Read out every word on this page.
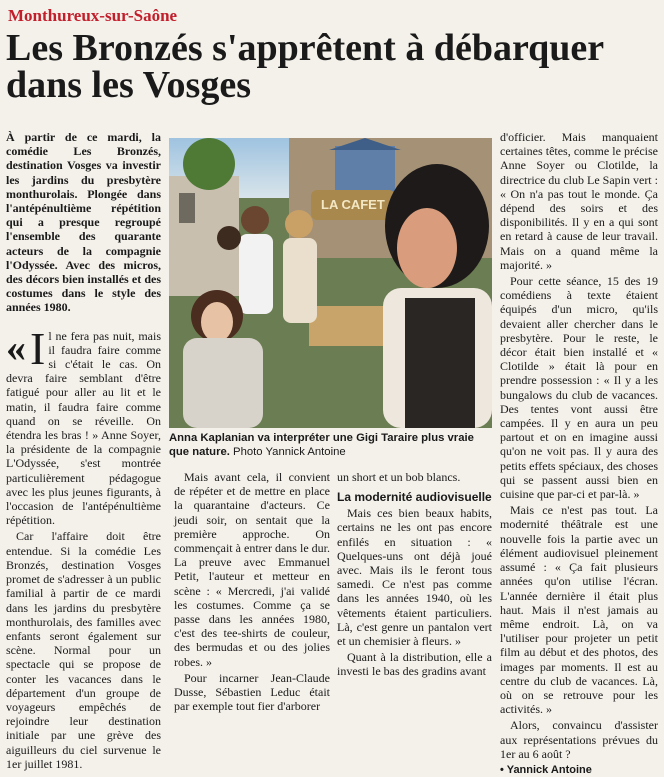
Monthureux-sur-Saône
Les Bronzés s'apprêtent à débarquer dans les Vosges

À partir de ce mardi, la comédie Les Bronzés, destination Vosges va investir les jardins du presbytère monthurolais. Plongée dans l'antépénultième répétition qui a presque regroupé l'ensemble des quarante acteurs de la compagnie l'Odyssée. Avec des micros, des décors bien installés et des costumes dans le style des années 1980.

« I l ne fera pas nuit, mais il faudra faire comme si c'était le cas. On devra faire semblant d'être fatigué pour aller au lit et le matin, il faudra faire comme quand on se réveille. On étendra les bras ! » Anne Soyer, la présidente de la compagnie L'Odyssée, s'est montrée particulièrement pédagogue avec les plus jeunes figurants, à l'occasion de l'antépénultième répétition.

Car l'affaire doit être entendue. Si la comédie Les Bronzés, destination Vosges promet de s'adresser à un public familial à partir de ce mardi dans les jardins du presbytère monthurolais, des familles avec enfants seront également sur scène. Normal pour un spectacle qui se propose de conter les vacances dans le département d'un groupe de voyageurs empêchés de rejoindre leur destination initiale par une grève des aiguilleurs du ciel survenue le 1er juillet 1981.

LA CAFET
Anna Kaplanian va interpréter une Gigi Taraire plus vraie que nature. Photo Yannick Antoine

Mais avant cela, il convient de répéter et de mettre en place la quarantaine d'acteurs. Ce jeudi soir, on sentait que la première approche. On commençait à entrer dans le dur. La preuve avec Emmanuel Petit, l'auteur et metteur en scène : « Mercredi, j'ai validé les costumes. Comme ça se passe dans les années 1980, c'est des tee-shirts de couleur, des bermudas et ou des jolies robes. »

Pour incarner Jean-Claude Dusse, Sébastien Leduc était par exemple tout fier d'arborer

un short et un bob blancs.

La modernité audiovisuelle

Mais ces bien beaux habits, certains ne les ont pas encore enfilés en situation : « Quelques-uns ont déjà joué avec. Mais ils le feront tous samedi. Ce n'est pas comme dans les années 1940, où les vêtements étaient particuliers. Là, c'est genre un pantalon vert et un chemisier à fleurs. »

Quant à la distribution, elle a investi le bas des gradins avant

d'officier. Mais manquaient certaines têtes, comme le précise Anne Soyer ou Clotilde, la directrice du club Le Sapin vert : « On n'a pas tout le monde. Ça dépend des soirs et des disponibilités. Il y en a qui sont en retard à cause de leur travail. Mais on a quand même la majorité. »

Pour cette séance, 15 des 19 comédiens à texte étaient équipés d'un micro, qu'ils devaient aller chercher dans le presbytère. Pour le reste, le décor était bien installé et « Clotilde » était là pour en prendre possession : « Il y a les bungalows du club de vacances. Des tentes vont aussi être campées. Il y en aura un peu partout et on en imagine aussi qu'on ne voit pas. Il y aura des petits effets spéciaux, des choses qui se passent aussi bien en cuisine que par-ci et par-là. »

Mais ce n'est pas tout. La modernité théâtrale est une nouvelle fois la partie avec un élément audiovisuel pleinement assumé : « Ça fait plusieurs années qu'on utilise l'écran. L'année dernière il était plus haut. Mais il n'est jamais au même endroit. Là, on va l'utiliser pour projeter un petit film au début et des photos, des images par moments. Il est au centre du club de vacances. Là, où on se retrouve pour les activités. »

Alors, convaincu d'assister aux représentations prévues du 1er au 6 août ?

• Yannick Antoine
